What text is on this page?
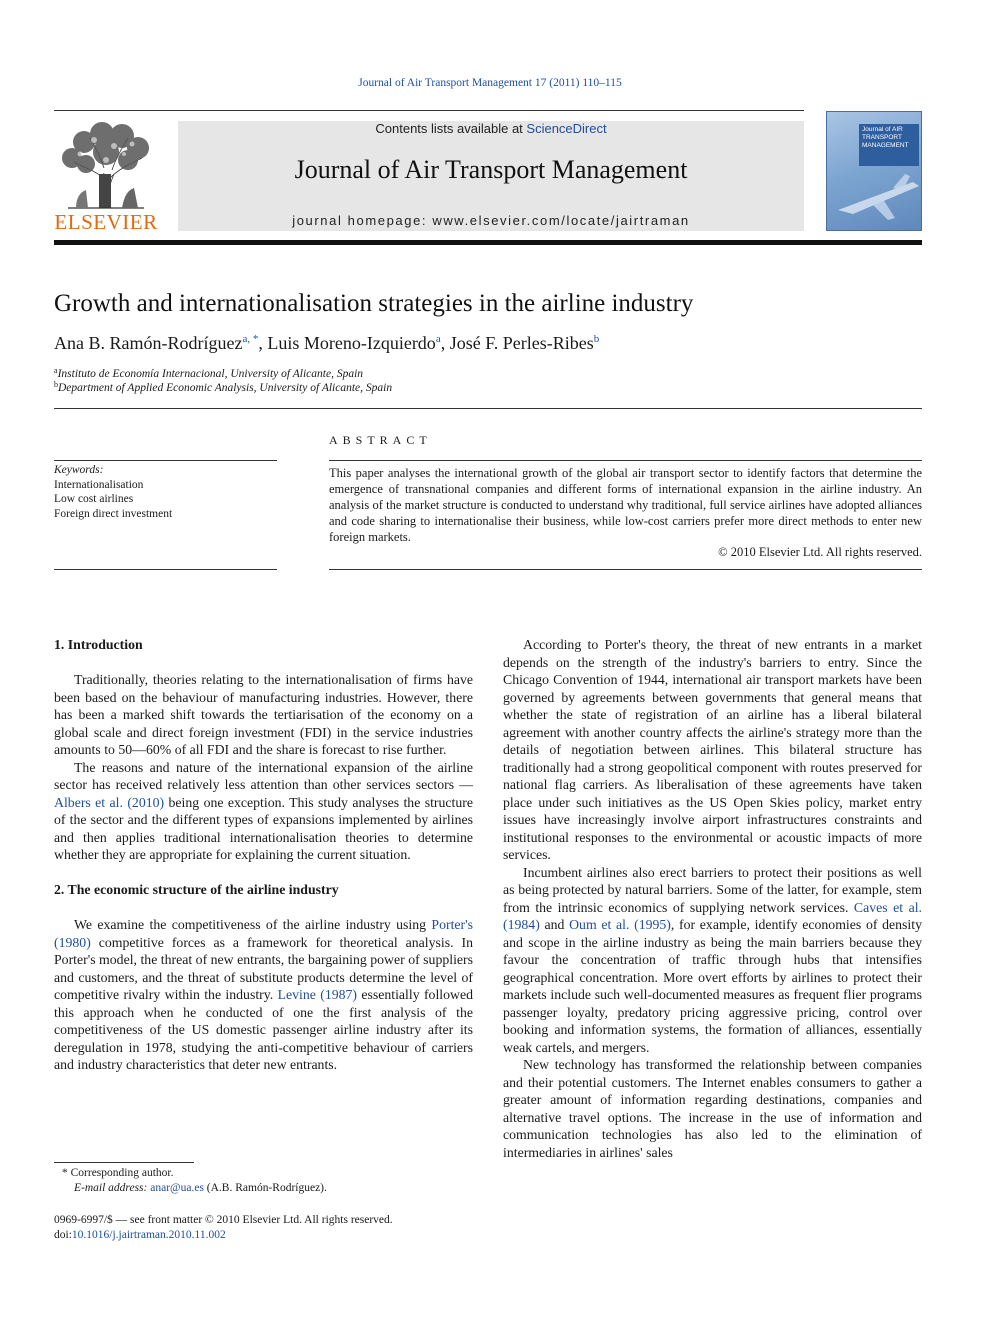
Journal of Air Transport Management 17 (2011) 110–115
ELSEVIER
Contents lists available at ScienceDirect
Journal of Air Transport Management
journal homepage: www.elsevier.com/locate/jairtraman
Journal of AIR TRANSPORT MANAGEMENT
Growth and internationalisation strategies in the airline industry
Ana B. Ramón-Rodríguez$^{a, *}$, Luis Moreno-Izquierdo$^a$, José F. Perles-Ribes$^b$
$^a$Instituto de Economía Internacional, University of Alicante, Spain
$^b$Department of Applied Economic Analysis, University of Alicante, Spain
Keywords:
Internationalisation
Low cost airlines
Foreign direct investment
ABSTRACT
This paper analyses the international growth of the global air transport sector to identify factors that determine the emergence of transnational companies and different forms of international expansion in the airline industry. An analysis of the market structure is conducted to understand why traditional, full service airlines have adopted alliances and code sharing to internationalise their business, while low-cost carriers prefer more direct methods to enter new foreign markets.
© 2010 Elsevier Ltd. All rights reserved.
1. Introduction

Traditionally, theories relating to the internationalisation of firms have been based on the behaviour of manufacturing industries. However, there has been a marked shift towards the tertiarisation of the economy on a global scale and direct foreign investment (FDI) in the service industries amounts to 50—60% of all FDI and the share is forecast to rise further.

The reasons and nature of the international expansion of the airline sector has received relatively less attention than other services sectors — Albers et al. (2010) being one exception. This study analyses the structure of the sector and the different types of expansions implemented by airlines and then applies traditional internationalisation theories to determine whether they are appropriate for explaining the current situation.

2. The economic structure of the airline industry

We examine the competitiveness of the airline industry using Porter's (1980) competitive forces as a framework for theoretical analysis. In Porter's model, the threat of new entrants, the bargaining power of suppliers and customers, and the threat of substitute products determine the level of competitive rivalry within the industry. Levine (1987) essentially followed this approach when he conducted of one the first analysis of the competitiveness of the US domestic passenger airline industry after its deregulation in 1978, studying the anti-competitive behaviour of carriers and industry characteristics that deter new entrants.

According to Porter's theory, the threat of new entrants in a market depends on the strength of the industry's barriers to entry. Since the Chicago Convention of 1944, international air transport markets have been governed by agreements between governments that general means that whether the state of registration of an airline has a liberal bilateral agreement with another country affects the airline's strategy more than the details of negotiation between airlines. This bilateral structure has traditionally had a strong geopolitical component with routes preserved for national flag carriers. As liberalisation of these agreements have taken place under such initiatives as the US Open Skies policy, market entry issues have increasingly involve airport infrastructures constraints and institutional responses to the environmental or acoustic impacts of more services.

Incumbent airlines also erect barriers to protect their positions as well as being protected by natural barriers. Some of the latter, for example, stem from the intrinsic economics of supplying network services. Caves et al. (1984) and Oum et al. (1995), for example, identify economies of density and scope in the airline industry as being the main barriers because they favour the concentration of traffic through hubs that intensifies geographical concentration. More overt efforts by airlines to protect their markets include such well-documented measures as frequent flier programs passenger loyalty, predatory pricing aggressive pricing, control over booking and information systems, the formation of alliances, essentially weak cartels, and mergers.

New technology has transformed the relationship between companies and their potential customers. The Internet enables consumers to gather a greater amount of information regarding destinations, companies and alternative travel options. The increase in the use of information and communication technologies has also led to the elimination of intermediaries in airlines' sales

* Corresponding author.
E-mail address: anar@ua.es (A.B. Ramón-Rodríguez).
0969-6997/$ — see front matter © 2010 Elsevier Ltd. All rights reserved.
doi:10.1016/j.jairtraman.2010.11.002
